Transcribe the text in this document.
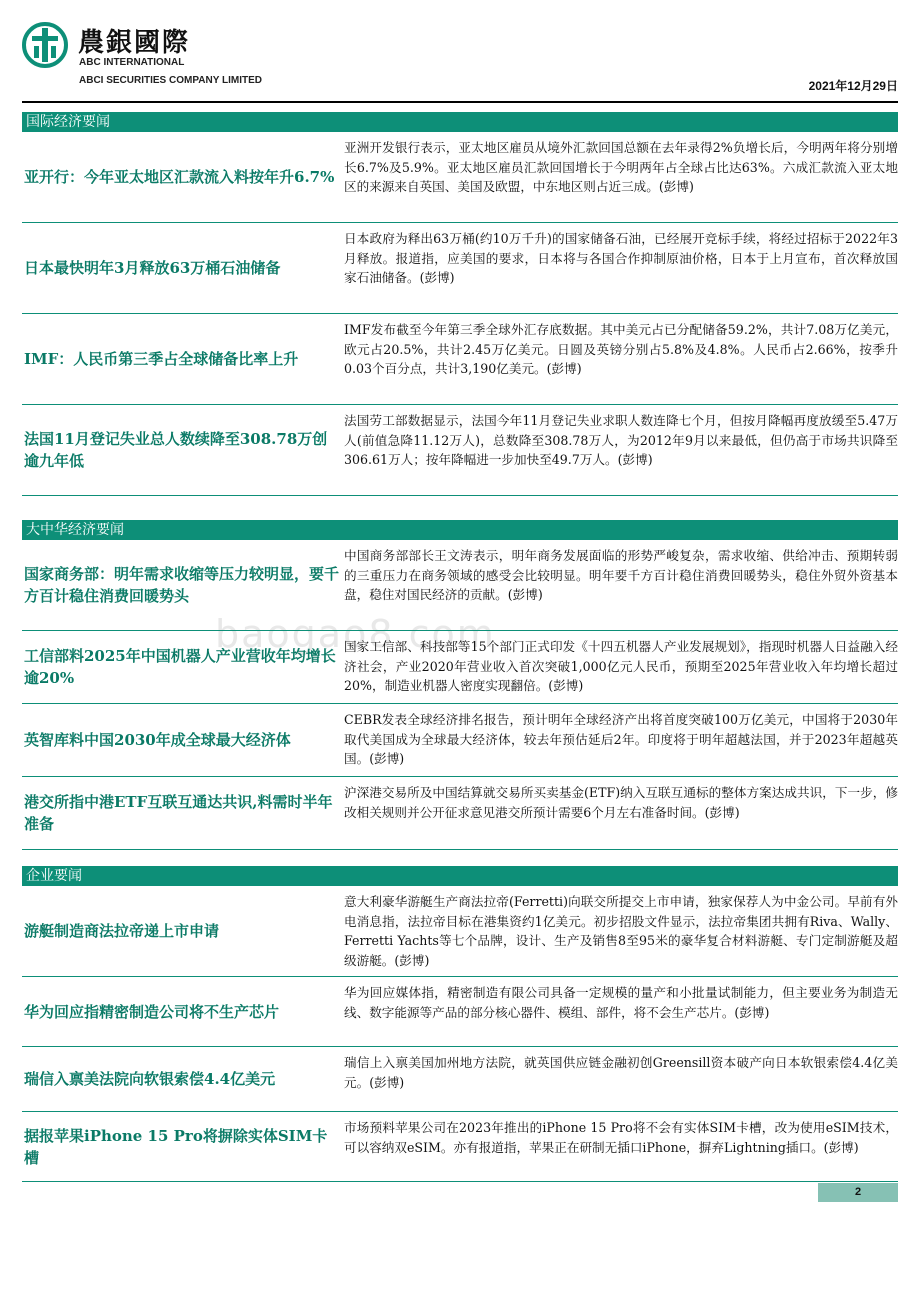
農銀國際
ABC INTERNATIONAL
ABCI SECURITIES COMPANY LIMITED	2021年12月29日
baogao8.com
国际经济要闻
亚开行：今年亚太地区汇款流入料按年升6.7%
亚洲开发银行表示，亚太地区雇员从境外汇款回国总额在去年录得2%负增长后，今明两年将分别增长6.7%及5.9%。亚太地区雇员汇款回国增长于今明两年占全球占比达63%。六成汇款流入亚太地区的来源来自英国、美国及欧盟，中东地区则占近三成。(彭博)
日本最快明年3月释放63万桶石油储备
日本政府为释出63万桶(约10万千升)的国家储备石油，已经展开竞标手续，将经过招标于2022年3月释放。报道指，应美国的要求，日本将与各国合作抑制原油价格，日本于上月宣布，首次释放国家石油储备。(彭博)
IMF：人民币第三季占全球储备比率上升
IMF发布截至今年第三季全球外汇存底数据。其中美元占已分配储备59.2%，共计7.08万亿美元，欧元占20.5%，共计2.45万亿美元。日圆及英镑分别占5.8%及4.8%。人民币占2.66%，按季升0.03个百分点，共计3,190亿美元。(彭博)
法国11月登记失业总人数续降至308.78万创逾九年低
法国劳工部数据显示，法国今年11月登记失业求职人数连降七个月，但按月降幅再度放缓至5.47万人(前值急降11.12万人)，总数降至308.78万人，为2012年9月以来最低，但仍高于市场共识降至306.61万人；按年降幅进一步加快至49.7万人。(彭博)
大中华经济要闻
国家商务部：明年需求收缩等压力较明显，要千方百计稳住消费回暖势头
中国商务部部长王文涛表示，明年商务发展面临的形势严峻复杂，需求收缩、供给冲击、预期转弱的三重压力在商务领域的感受会比较明显。明年要千方百计稳住消费回暖势头，稳住外贸外资基本盘，稳住对国民经济的贡献。(彭博)
工信部料2025年中国机器人产业营收年均增长逾20%
国家工信部、科技部等15个部门正式印发《十四五机器人产业发展规划》，指现时机器人日益融入经济社会，产业2020年营业收入首次突破1,000亿元人民币，预期至2025年营业收入年均增长超过20%，制造业机器人密度实现翻倍。(彭博)
英智库料中国2030年成全球最大经济体
CEBR发表全球经济排名报告，预计明年全球经济产出将首度突破100万亿美元，中国将于2030年取代美国成为全球最大经济体，较去年预估延后2年。印度将于明年超越法国，并于2023年超越英国。(彭博)
港交所指中港ETF互联互通达共识,料需时半年准备
沪深港交易所及中国结算就交易所买卖基金(ETF)纳入互联互通标的整体方案达成共识，下一步，修改相关规则并公开征求意见港交所预计需要6个月左右准备时间。(彭博)
企业要闻
游艇制造商法拉帝递上市申请
意大利豪华游艇生产商法拉帝(Ferretti)向联交所提交上市申请，独家保荐人为中金公司。早前有外电消息指，法拉帝目标在港集资约1亿美元。初步招股文件显示，法拉帝集团共拥有Riva、Wally、Ferretti Yachts等七个品牌，设计、生产及销售8至95米的豪华复合材料游艇、专门定制游艇及超级游艇。(彭博)
华为回应指精密制造公司将不生产芯片
华为回应媒体指，精密制造有限公司具备一定规模的量产和小批量试制能力，但主要业务为制造无线、数字能源等产品的部分核心器件、模组、部件，将不会生产芯片。(彭博)
瑞信入禀美法院向软银索偿4.4亿美元
瑞信上入禀美国加州地方法院，就英国供应链金融初创Greensill资本破产向日本软银索偿4.4亿美元。(彭博)
据报苹果iPhone 15 Pro将摒除实体SIM卡槽
市场预料苹果公司在2023年推出的iPhone 15 Pro将不会有实体SIM卡槽，改为使用eSIM技术，可以容纳双eSIM。亦有报道指，苹果正在研制无插口iPhone，摒弃Lightning插口。(彭博)
2
